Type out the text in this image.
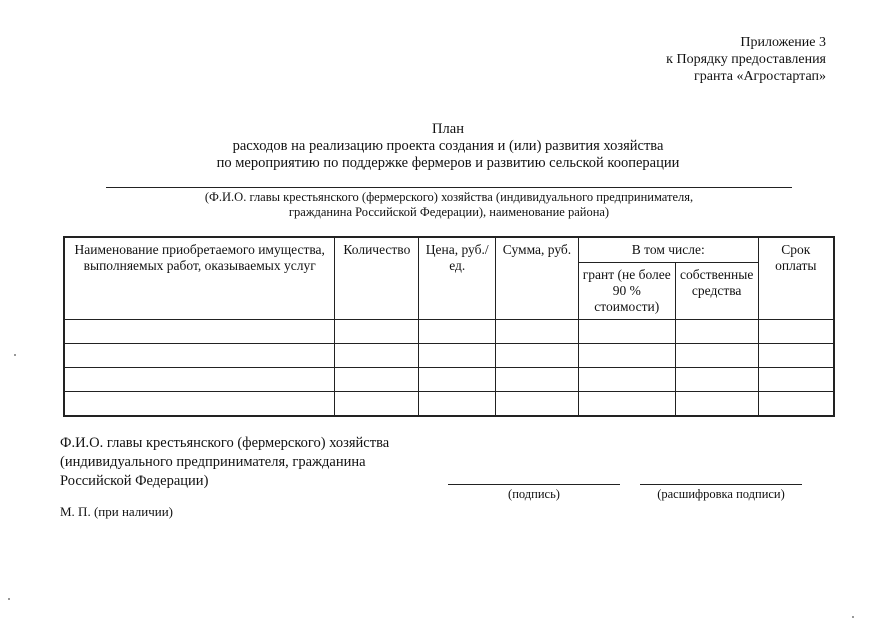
Приложение 3
к Порядку предоставления
гранта «Агростартап»
План
расходов на реализацию проекта создания и (или) развития хозяйства
по мероприятию по поддержке фермеров и развитию сельской кооперации
(Ф.И.О. главы крестьянского (фермерского) хозяйства (индивидуального предпринимателя,
гражданина Российской Федерации), наименование района)
Наименование приобретаемого имущества, выполняемых работ, оказываемых услуг	Количество	Цена, руб./ед.	Сумма, руб.	В том числе:		Срок оплаты
				грант (не более 90 % стоимости)	собственные средства	

Ф.И.О. главы крестьянского (фермерского) хозяйства
(индивидуального предпринимателя, гражданина
Российской Федерации)
(подпись)	(расшифровка подписи)
М. П. (при наличии)
